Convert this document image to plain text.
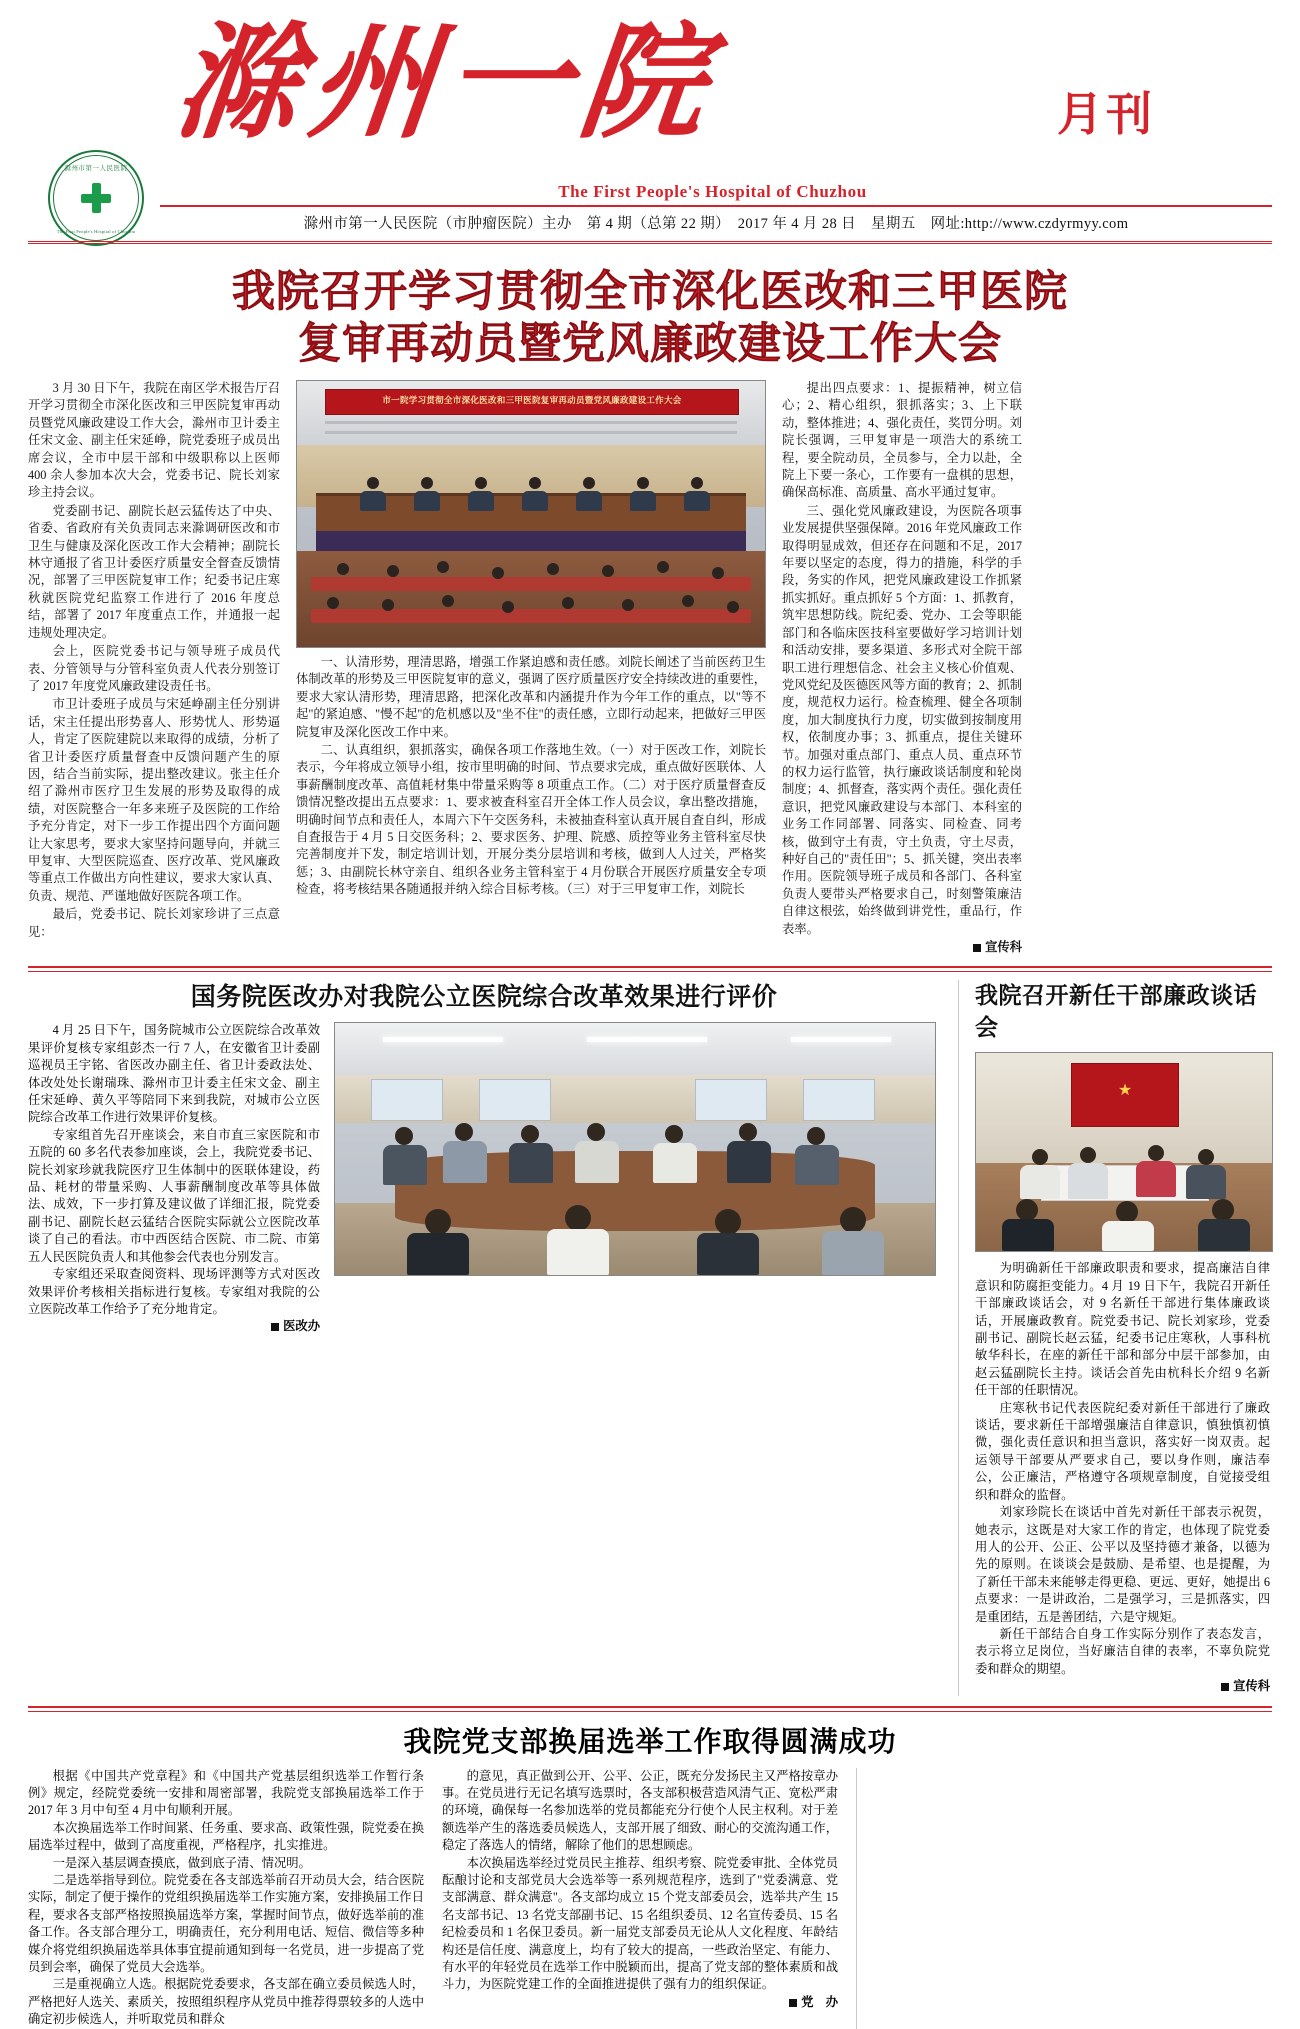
滁州市第一人民医院
The First People's Hospital of Chuzhou
滁州一院	月刊
The First People's Hospital of Chuzhou
滁州市第一人民医院（市肿瘤医院）主办　第 4 期（总第 22 期）　2017 年 4 月 28 日　星期五　网址:http://www.czdyrmyy.com
我院召开学习贯彻全市深化医改和三甲医院
复审再动员暨党风廉政建设工作大会

3 月 30 日下午，我院在南区学术报告厅召开学习贯彻全市深化医改和三甲医院复审再动员暨党风廉政建设工作大会，滁州市卫计委主任宋文金、副主任宋延峥，院党委班子成员出席会议，全市中层干部和中级职称以上医师 400 余人参加本次大会，党委书记、院长刘家珍主持会议。

党委副书记、副院长赵云猛传达了中央、省委、省政府有关负责同志来滁调研医改和市卫生与健康及深化医改工作大会精神；副院长林守通报了省卫计委医疗质量安全督查反馈情况，部署了三甲医院复审工作；纪委书记庄寒秋就医院党纪监察工作进行了 2016 年度总结，部署了 2017 年度重点工作，并通报一起违规处理决定。

会上，医院党委书记与领导班子成员代表、分管领导与分管科室负责人代表分别签订了 2017 年度党风廉政建设责任书。

市卫计委班子成员与宋延峥副主任分别讲话，宋主任提出形势喜人、形势忧人、形势逼人，肯定了医院建院以来取得的成绩，分析了省卫计委医疗质量督查中反馈问题产生的原因，结合当前实际，提出整改建议。张主任介绍了滁州市医疗卫生发展的形势及取得的成绩，对医院整合一年多来班子及医院的工作给予充分肯定，对下一步工作提出四个方面问题让大家思考，要求大家坚持问题导向，并就三甲复审、大型医院巡查、医疗改革、党风廉政等重点工作做出方向性建议，要求大家认真、负责、规范、严谨地做好医院各项工作。

最后，党委书记、院长刘家珍讲了三点意见：

市一院学习贯彻全市深化医改和三甲医院复审再动员暨党风廉政建设工作大会

一、认清形势，理清思路，增强工作紧迫感和责任感。刘院长阐述了当前医药卫生体制改革的形势及三甲医院复审的意义，强调了医疗质量医疗安全持续改进的重要性，要求大家认清形势，理清思路，把深化改革和内涵提升作为今年工作的重点，以"等不起"的紧迫感、"慢不起"的危机感以及"坐不住"的责任感，立即行动起来，把做好三甲医院复审及深化医改工作中来。

二、认真组织，狠抓落实，确保各项工作落地生效。（一）对于医改工作，刘院长表示，今年将成立领导小组，按市里明确的时间、节点要求完成，重点做好医联体、人事薪酬制度改革、高值耗材集中带量采购等 8 项重点工作。（二）对于医疗质量督查反馈情况整改提出五点要求：1、要求被査科室召开全体工作人员会议，拿出整改措施，明确时间节点和责任人，本周六下午交医务科，未被抽查科室认真开展自査自纠，形成自査报告于 4 月 5 日交医务科；2、要求医务、护理、院感、质控等业务主管科室尽快完善制度并下发，制定培训计划，开展分类分层培训和考核，做到人人过关，严格奖惩；3、由副院长林守亲自、组织各业务主管科室于 4 月份联合开展医疗质量安全专项检查，将考核结果各随通报并纳入综合目标考核。（三）对于三甲复审工作，刘院长

提出四点要求：1、提振精神，树立信心；2、精心组织，狠抓落实；3、上下联动，整体推进；4、强化责任，奖罚分明。刘院长强调，三甲复审是一项浩大的系统工程，要全院动员，全员参与，全力以赴，全院上下要一条心，工作要有一盘棋的思想，确保高标准、高质量、高水平通过复审。

三、强化党风廉政建设，为医院各项事业发展提供坚强保障。2016 年党风廉政工作取得明显成效，但还存在问题和不足，2017 年要以坚定的态度，得力的措施，科学的手段，务实的作风，把党风廉政建设工作抓紧抓实抓好。重点抓好 5 个方面：1、抓教育，筑牢思想防线。院纪委、党办、工会等职能部门和各临床医技科室要做好学习培训计划和活动安排，要多渠道、多形式对全院干部职工进行理想信念、社会主义核心价值观、党风党纪及医德医风等方面的教育；2、抓制度，规范权力运行。检查梳理、健全各项制度，加大制度执行力度，切实做到按制度用权，依制度办事；3、抓重点，提住关键环节。加强对重点部门、重点人员、重点环节的权力运行监管，执行廉政谈话制度和轮岗制度；4、抓督查，落实两个责任。强化责任意识，把党风廉政建设与本部门、本科室的业务工作同部署、同落实、同检查、同考核，做到守土有责，守土负责，守土尽责，种好自己的"责任田"；5、抓关键，突出表率作用。医院领导班子成员和各部门、各科室负责人要带头严格要求自己，时刻警策廉洁自律这根弦，始终做到讲党性，重品行，作表率。

宣传科
国务院医改办对我院公立医院综合改革效果进行评价

4 月 25 日下午，国务院城市公立医院综合改革效果评价复核专家组彭杰一行 7 人，在安徽省卫计委副巡视员王宇铭、省医改办副主任、省卫计委政法处、体改处处长谢瑞珠、滁州市卫计委主任宋文金、副主任宋延峥、黄久平等陪同下来到我院，对城市公立医院综合改革工作进行效果评价复核。

专家组首先召开座谈会，来自市直三家医院和市五院的 60 多名代表参加座谈，会上，我院党委书记、院长刘家珍就我院医疗卫生体制中的医联体建设，药品、耗材的带量采购、人事薪酬制度改革等具体做法、成效，下一步打算及建议做了详细汇报，院党委副书记、副院长赵云猛结合医院实际就公立医院改革谈了自己的看法。市中西医结合医院、市二院、市第五人民医院负责人和其他参会代表也分别发言。

专家组还采取查阅资料、现场评测等方式对医改效果评价考核相关指标进行复核。专家组对我院的公立医院改革工作给予了充分地肯定。

医改办
我院召开新任干部廉政谈话会
★

为明确新任干部廉政职责和要求，提高廉洁自律意识和防腐拒变能力。4 月 19 日下午，我院召开新任干部廉政谈话会，对 9 名新任干部进行集体廉政谈话，开展廉政教育。院党委书记、院长刘家珍，党委副书记、副院长赵云猛，纪委书记庄寒秋，人事科杭敏华科长，在座的新任干部和部分中层干部参加，由赵云猛副院长主持。谈话会首先由杭科长介绍 9 名新任干部的任职情况。

庄寒秋书记代表医院纪委对新任干部进行了廉政谈话，要求新任干部增强廉洁自律意识，慎独慎初慎微，强化责任意识和担当意识，落实好一岗双责。起运领导干部要从严要求自己，要以身作则，廉洁奉公，公正廉洁，严格遵守各项规章制度，自觉接受组织和群众的监督。

刘家珍院长在谈话中首先对新任干部表示祝贺，她表示，这既是对大家工作的肯定，也体现了院党委用人的公开、公正、公平以及坚持德才兼备，以德为先的原则。在谈谈会是鼓励、是希望、也是提醒，为了新任干部未来能够走得更稳、更远、更好，她提出 6 点要求：一是讲政治，二是强学习，三是抓落实，四是重团结，五是善团结，六是守规矩。

新任干部结合自身工作实际分别作了表态发言，表示将立足岗位，当好廉洁自律的表率，不辜负院党委和群众的期望。

宣传科
我院党支部换届选举工作取得圆满成功

根据《中国共产党章程》和《中国共产党基层组织选举工作暂行条例》规定，经院党委统一安排和周密部署，我院党支部换届选举工作于 2017 年 3 月中旬至 4 月中旬顺利开展。

本次换届选举工作时间紧、任务重、要求高、政策性强，院党委在换届选举过程中，做到了高度重视，严格程序，扎实推进。

一是深入基层调查摸底，做到底子清、情况明。

二是选举指导到位。院党委在各支部选举前召开动员大会，结合医院实际，制定了便于操作的党组织换届选举工作实施方案，安排换届工作日程，要求各支部严格按照换届选举方案，掌握时间节点，做好选举前的准备工作。各支部合理分工，明确责任，充分利用电话、短信、微信等多种媒介将党组织换届选举具体事宜提前通知到每一名党员，进一步提高了党员到会率，确保了党员大会选举。

三是重视确立人选。根据院党委要求，各支部在确立委员候选人时，严格把好人选关、素质关，按照组织程序从党员中推荐得票较多的人选中确定初步候选人，并听取党员和群众

的意见，真正做到公开、公平、公正，既充分发扬民主又严格按章办事。在党员进行无记名填写选票时，各支部积极营造风清气正、宽松严肃的环境，确保每一名参加选举的党员都能充分行使个人民主权利。对于差额选举产生的落选委员候选人，支部开展了细致、耐心的交流沟通工作，稳定了落选人的情绪，解除了他们的思想顾虑。

本次换届选举经过党员民主推荐、组织考察、院党委审批、全体党员酝酿讨论和支部党员大会选举等一系列规范程序，选到了"党委满意、党支部满意、群众满意"。各支部均成立 15 个党支部委员会，选举共产生 15 名支部书记、13 名党支部副书记、15 名组织委员、12 名宣传委员、15 名纪检委员和 1 名保卫委员。新一届党支部委员无论从人文化程度、年龄结构还是信任度、满意度上，均有了较大的提高，一些政治坚定、有能力、有水平的年轻党员在选举工作中脱颖而出，提高了党支部的整体素质和战斗力，为医院党建工作的全面推进提供了强有力的组织保证。

党　办
